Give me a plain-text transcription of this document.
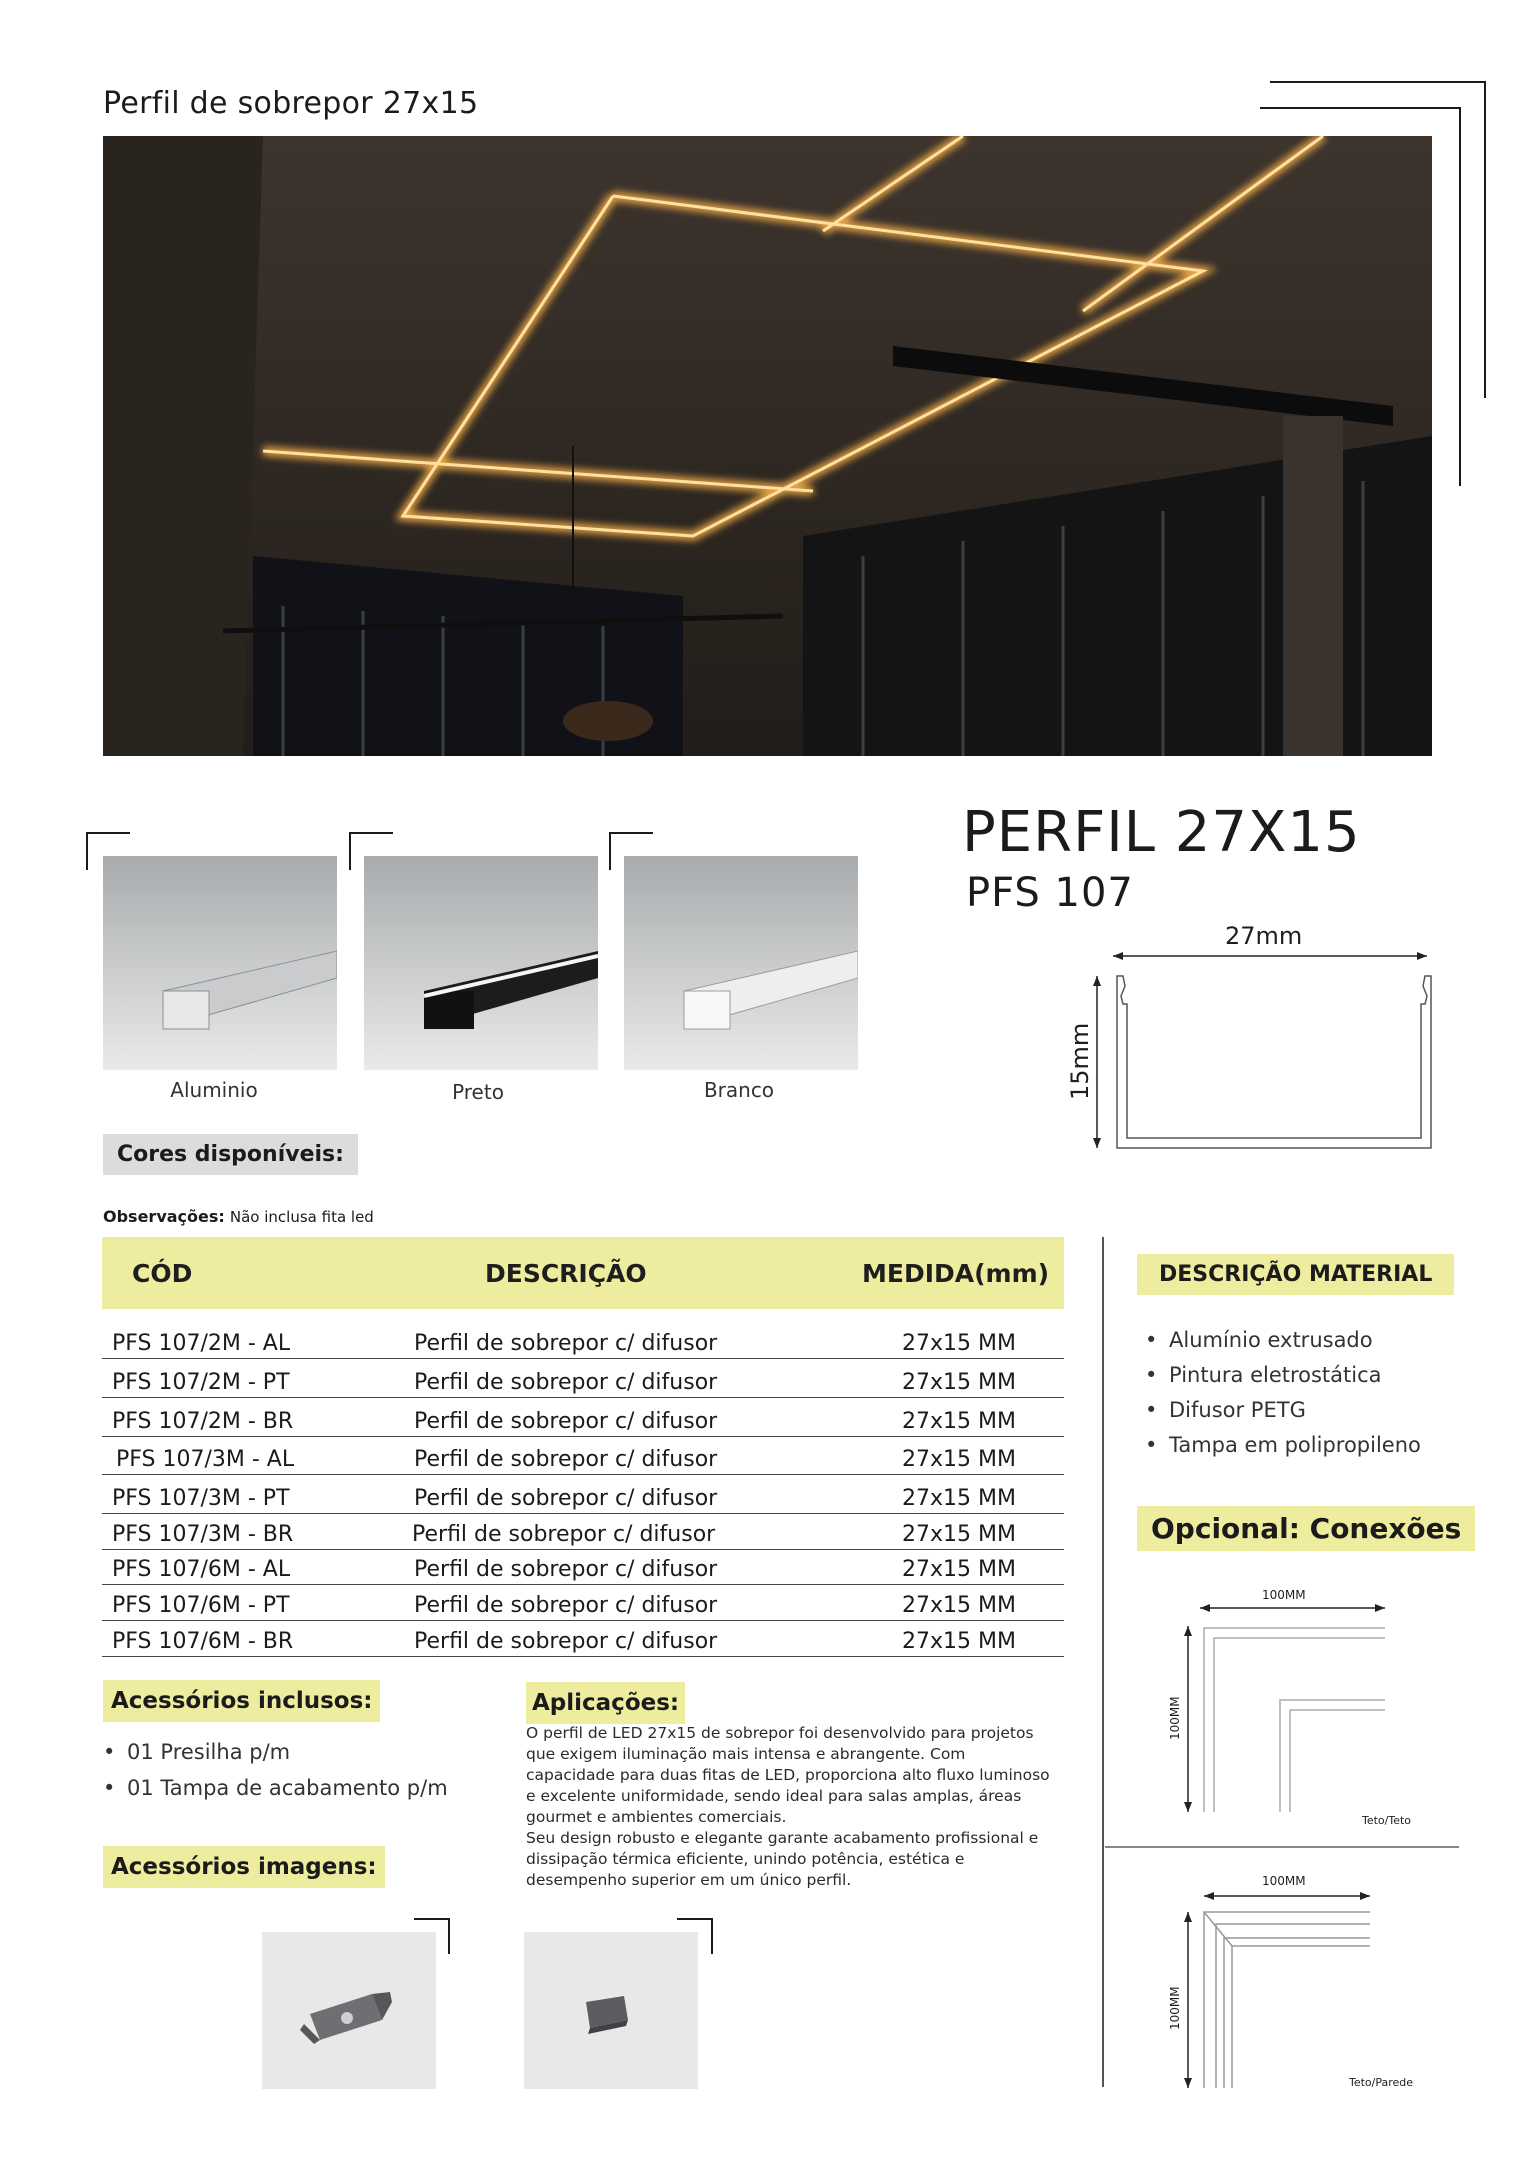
Perfil de sobrepor 27x15
Aluminio	Preto	Branco
PERFIL 27X15
PFS 107
27mm
15mm
Cores disponíveis:
Observações: Não inclusa fita led
CÓD	DESCRIÇÃO	MEDIDA(mm)
PFS 107/2M - AL	Perfil de sobrepor c/ difusor	27x15 MM
PFS 107/2M - PT	Perfil de sobrepor c/ difusor	27x15 MM
PFS 107/2M - BR	Perfil de sobrepor c/ difusor	27x15 MM
PFS 107/3M - AL	Perfil de sobrepor c/ difusor	27x15 MM
PFS 107/3M - PT	Perfil de sobrepor c/ difusor	27x15 MM
PFS 107/3M - BR	Perfil de sobrepor c/ difusor	27x15 MM
PFS 107/6M - AL	Perfil de sobrepor c/ difusor	27x15 MM
PFS 107/6M - PT	Perfil de sobrepor c/ difusor	27x15 MM
PFS 107/6M - BR	Perfil de sobrepor c/ difusor	27x15 MM
DESCRIÇÃO MATERIAL
• Alumínio extrusado
• Pintura eletrostática
• Difusor PETG
• Tampa em polipropileno
Opcional: Conexões
100MM
100MM
Teto/Teto
100MM
100MM
Teto/Parede
Acessórios inclusos:
• 01 Presilha p/m
• 01 Tampa de acabamento p/m
Acessórios imagens:
Aplicações:
O perfil de LED 27x15 de sobrepor foi desenvolvido para projetos que exigem iluminação mais intensa e abrangente. Com capacidade para duas fitas de LED, proporciona alto fluxo luminoso e excelente uniformidade, sendo ideal para salas amplas, áreas gourmet e ambientes comerciais.
Seu design robusto e elegante garante acabamento profissional e dissipação térmica eficiente, unindo potência, estética e desempenho superior em um único perfil.
